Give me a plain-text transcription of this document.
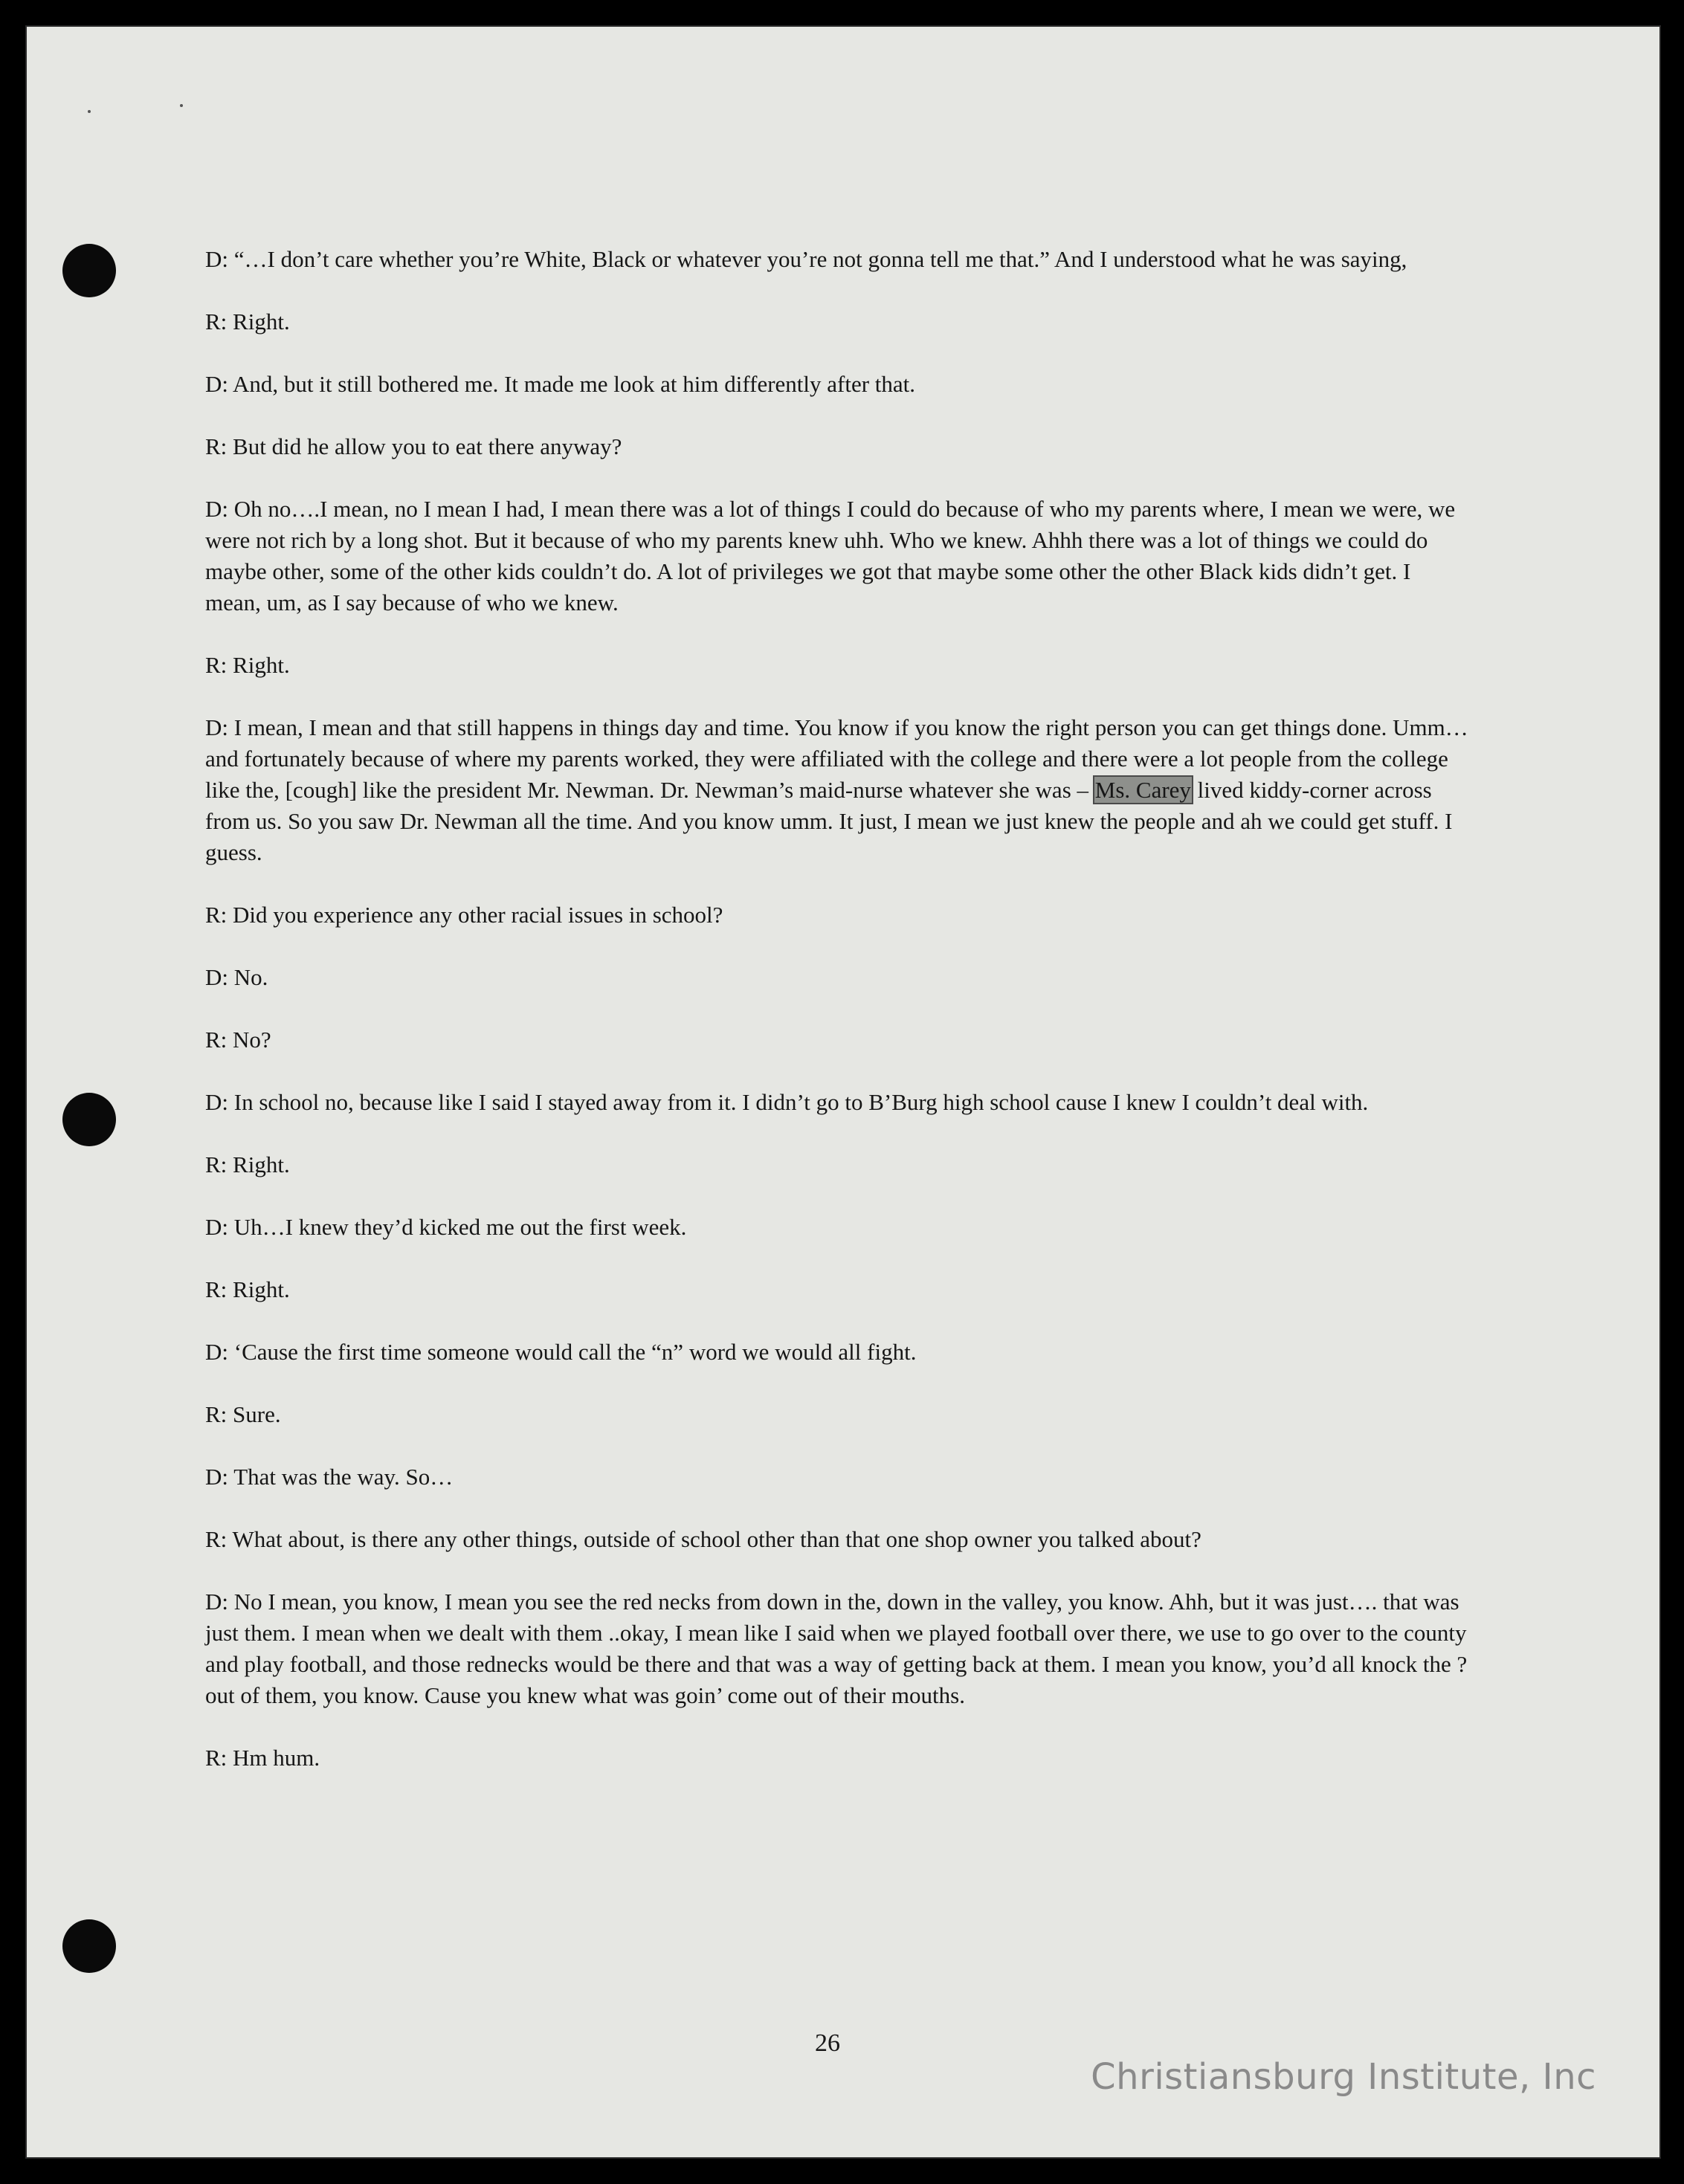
D: “…I don’t care whether you’re White, Black or whatever you’re not gonna tell me that.” And I understood what he was saying,

R: Right.

D: And, but it still bothered me. It made me look at him differently after that.

R: But did he allow you to eat there anyway?

D: Oh no….I mean, no I mean I had, I mean there was a lot of things I could do because of who my parents where, I mean we were, we were not rich by a long shot. But it because of who my parents knew uhh. Who we knew. Ahhh there was a lot of things we could do maybe other, some of the other kids couldn’t do. A lot of privileges we got that maybe some other the other Black kids didn’t get. I mean, um, as I say because of who we knew.

R: Right.

D: I mean, I mean and that still happens in things day and time. You know if you know the right person you can get things done. Umm…and fortunately because of where my parents worked, they were affiliated with the college and there were a lot people from the college like the, [cough] like the president Mr. Newman. Dr. Newman’s maid-nurse whatever she was – Ms. Carey lived kiddy-corner across from us. So you saw Dr. Newman all the time. And you know umm. It just, I mean we just knew the people and ah we could get stuff. I guess.

R: Did you experience any other racial issues in school?

D: No.

R: No?

D: In school no, because like I said I stayed away from it. I didn’t go to B’Burg high school cause I knew I couldn’t deal with.

R: Right.

D: Uh…I knew they’d kicked me out the first week.

R: Right.

D: ‘Cause the first time someone would call the “n” word we would all fight.

R: Sure.

D: That was the way. So…

R: What about, is there any other things, outside of school other than that one shop owner you talked about?

D: No I mean, you know, I mean you see the red necks from down in the, down in the valley, you know. Ahh, but it was just…. that was just them. I mean when we dealt with them ..okay, I mean like I said when we played football over there, we use to go over to the county and play football, and those rednecks would be there and that was a way of getting back at them. I mean you know, you’d all knock the ? out of them, you know. Cause you knew what was goin’ come out of their mouths.

R: Hm hum.

26
Christiansburg Institute, Inc
